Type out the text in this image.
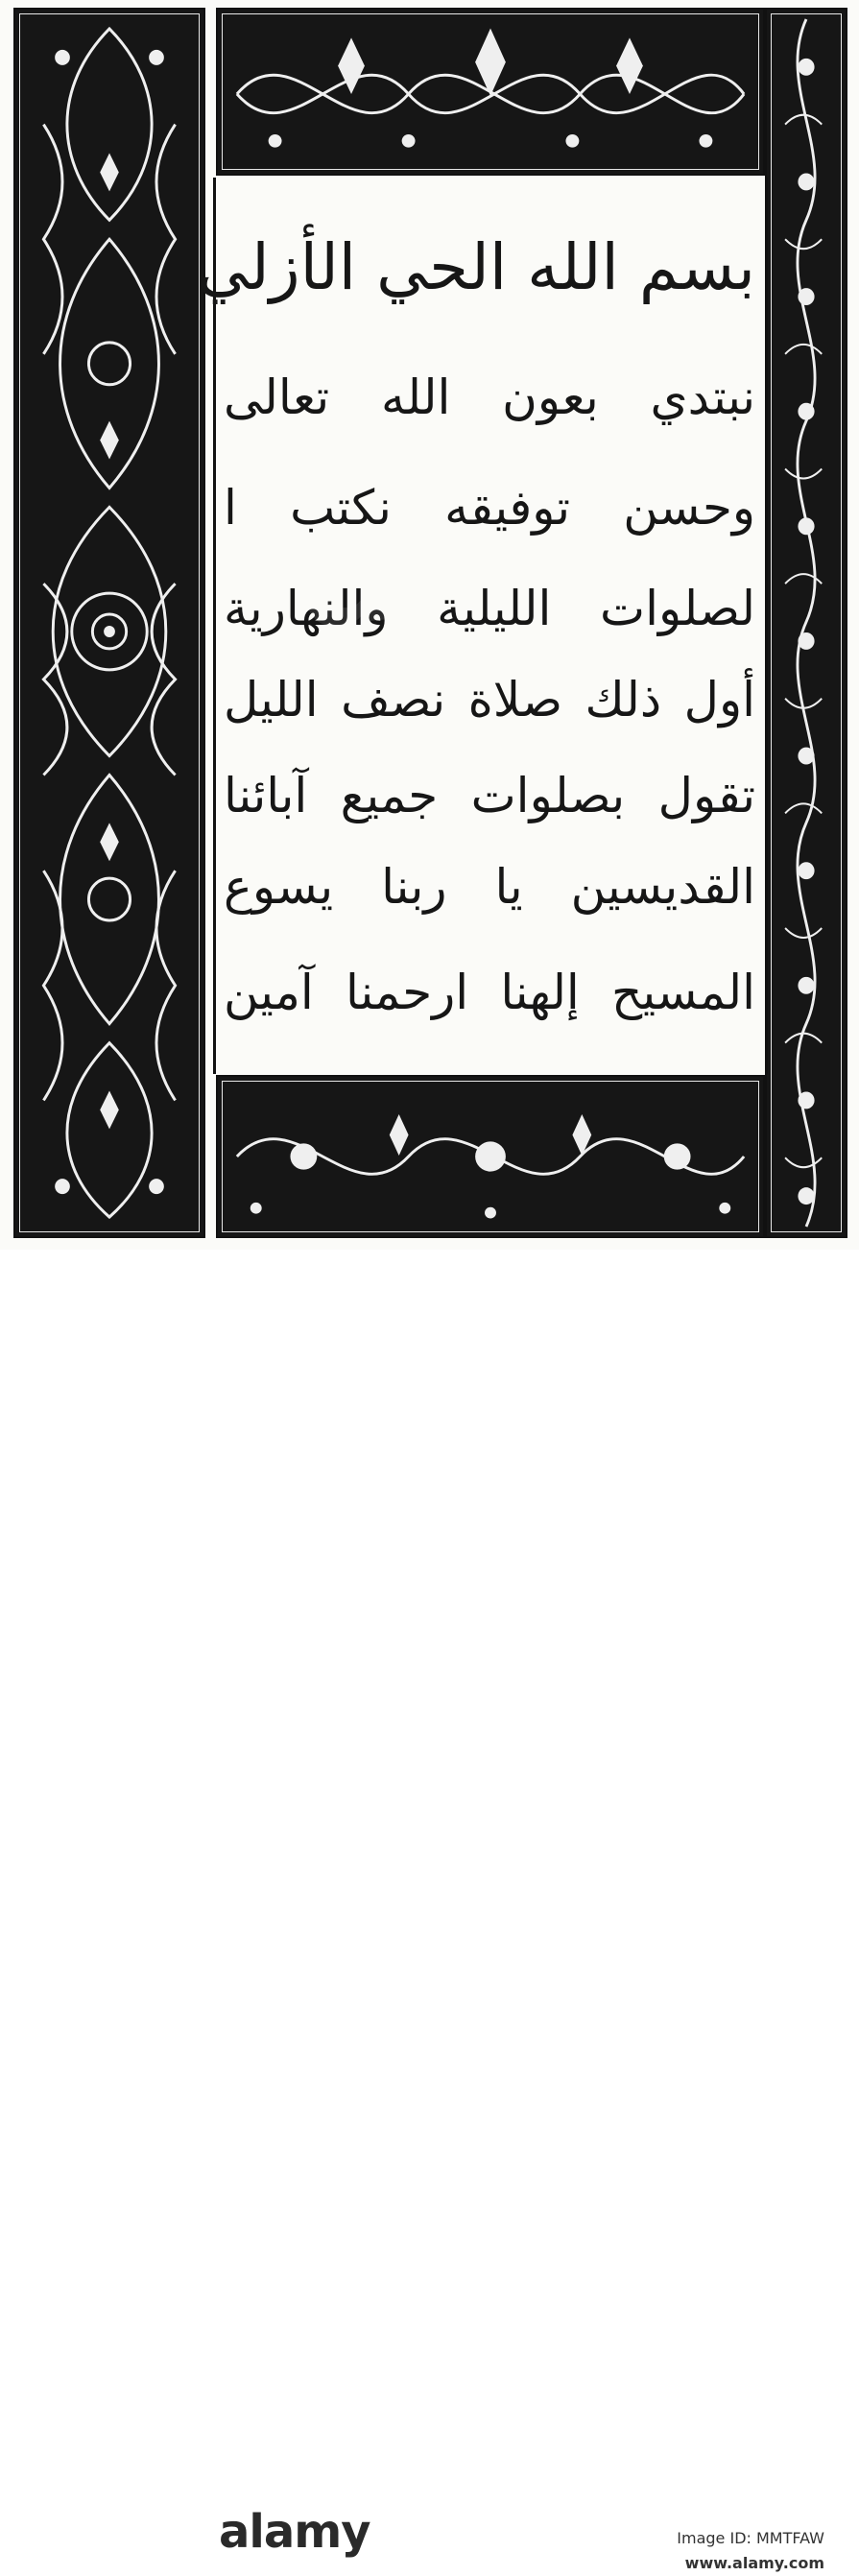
بسم الله الحي الأزلي
نبتدي بعون الله تعالى
وحسن توفيقه نكتب ا
لصلوات الليلية والنهارية
أول ذلك صلاة نصف الليل
تقول بصلوات جميع آبائنا
القديسين يا ربنا يسوع
المسيح إلهنا ارحمنا آمين
alamy	Image ID: MMTFAW
www.alamy.com
